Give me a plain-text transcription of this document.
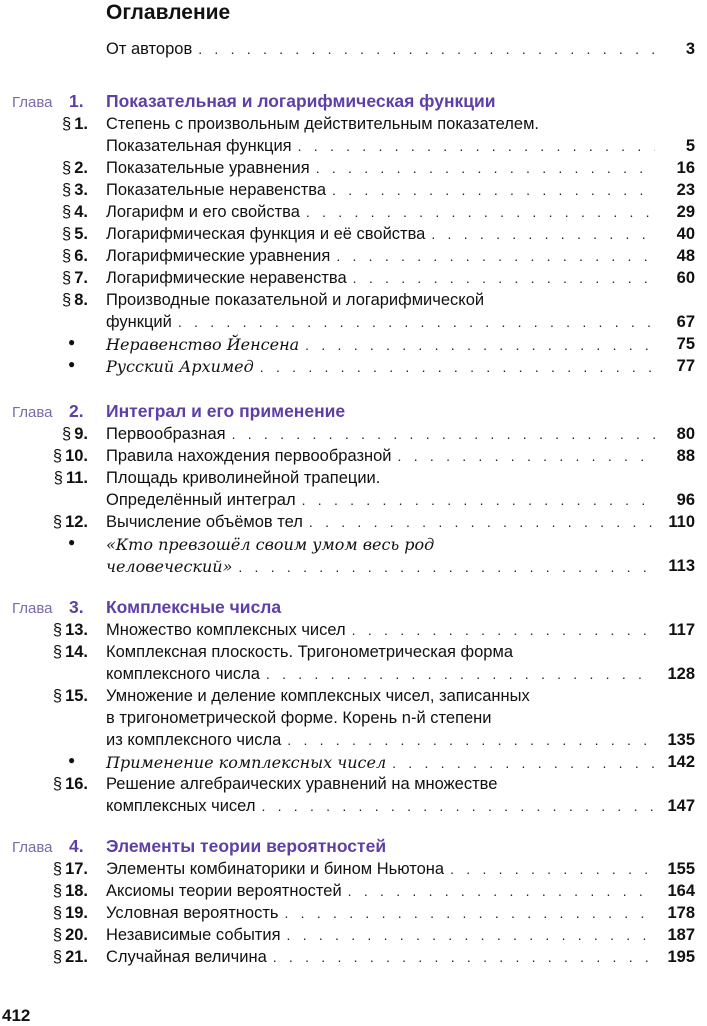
Оглавление
От авторов . . .	3
Глава 1. Показательная и логарифмическая функции
§ 1. Степень с произвольным действительным показателем.
Показательная функция . . .	5
§ 2. Показательные уравнения . . .	16
§ 3. Показательные неравенства . . .	23
§ 4. Логарифм и его свойства . . .	29
§ 5. Логарифмическая функция и её свойства . . .	40
§ 6. Логарифмические уравнения . . .	48
§ 7. Логарифмические неравенства . . .	60
§ 8. Производные показательной и логарифмической
функций . . .	67
● Неравенство Йенсена . . .	75
● Русский Архимед . . .	77
Глава 2. Интеграл и его применение
§ 9. Первообразная . . .	80
§ 10. Правила нахождения первообразной . . .	88
§ 11. Площадь криволинейной трапеции.
Определённый интеграл . . .	96
§ 12. Вычисление объёмов тел . . .	110
● «Кто превзошёл своим умом весь род
человеческий» . . .	113
Глава 3. Комплексные числа
§ 13. Множество комплексных чисел . . .	117
§ 14. Комплексная плоскость. Тригонометрическая форма
комплексного числа . . .	128
§ 15. Умножение и деление комплексных чисел, записанных
в тригонометрической форме. Корень n-й степени
из комплексного числа . . .	135
● Применение комплексных чисел . . .	142
§ 16. Решение алгебраических уравнений на множестве
комплексных чисел . . .	147
Глава 4. Элементы теории вероятностей
§ 17. Элементы комбинаторики и бином Ньютона . . .	155
§ 18. Аксиомы теории вероятностей . . .	164
§ 19. Условная вероятность . . .	178
§ 20. Независимые события . . .	187
§ 21. Случайная величина . . .	195
412
